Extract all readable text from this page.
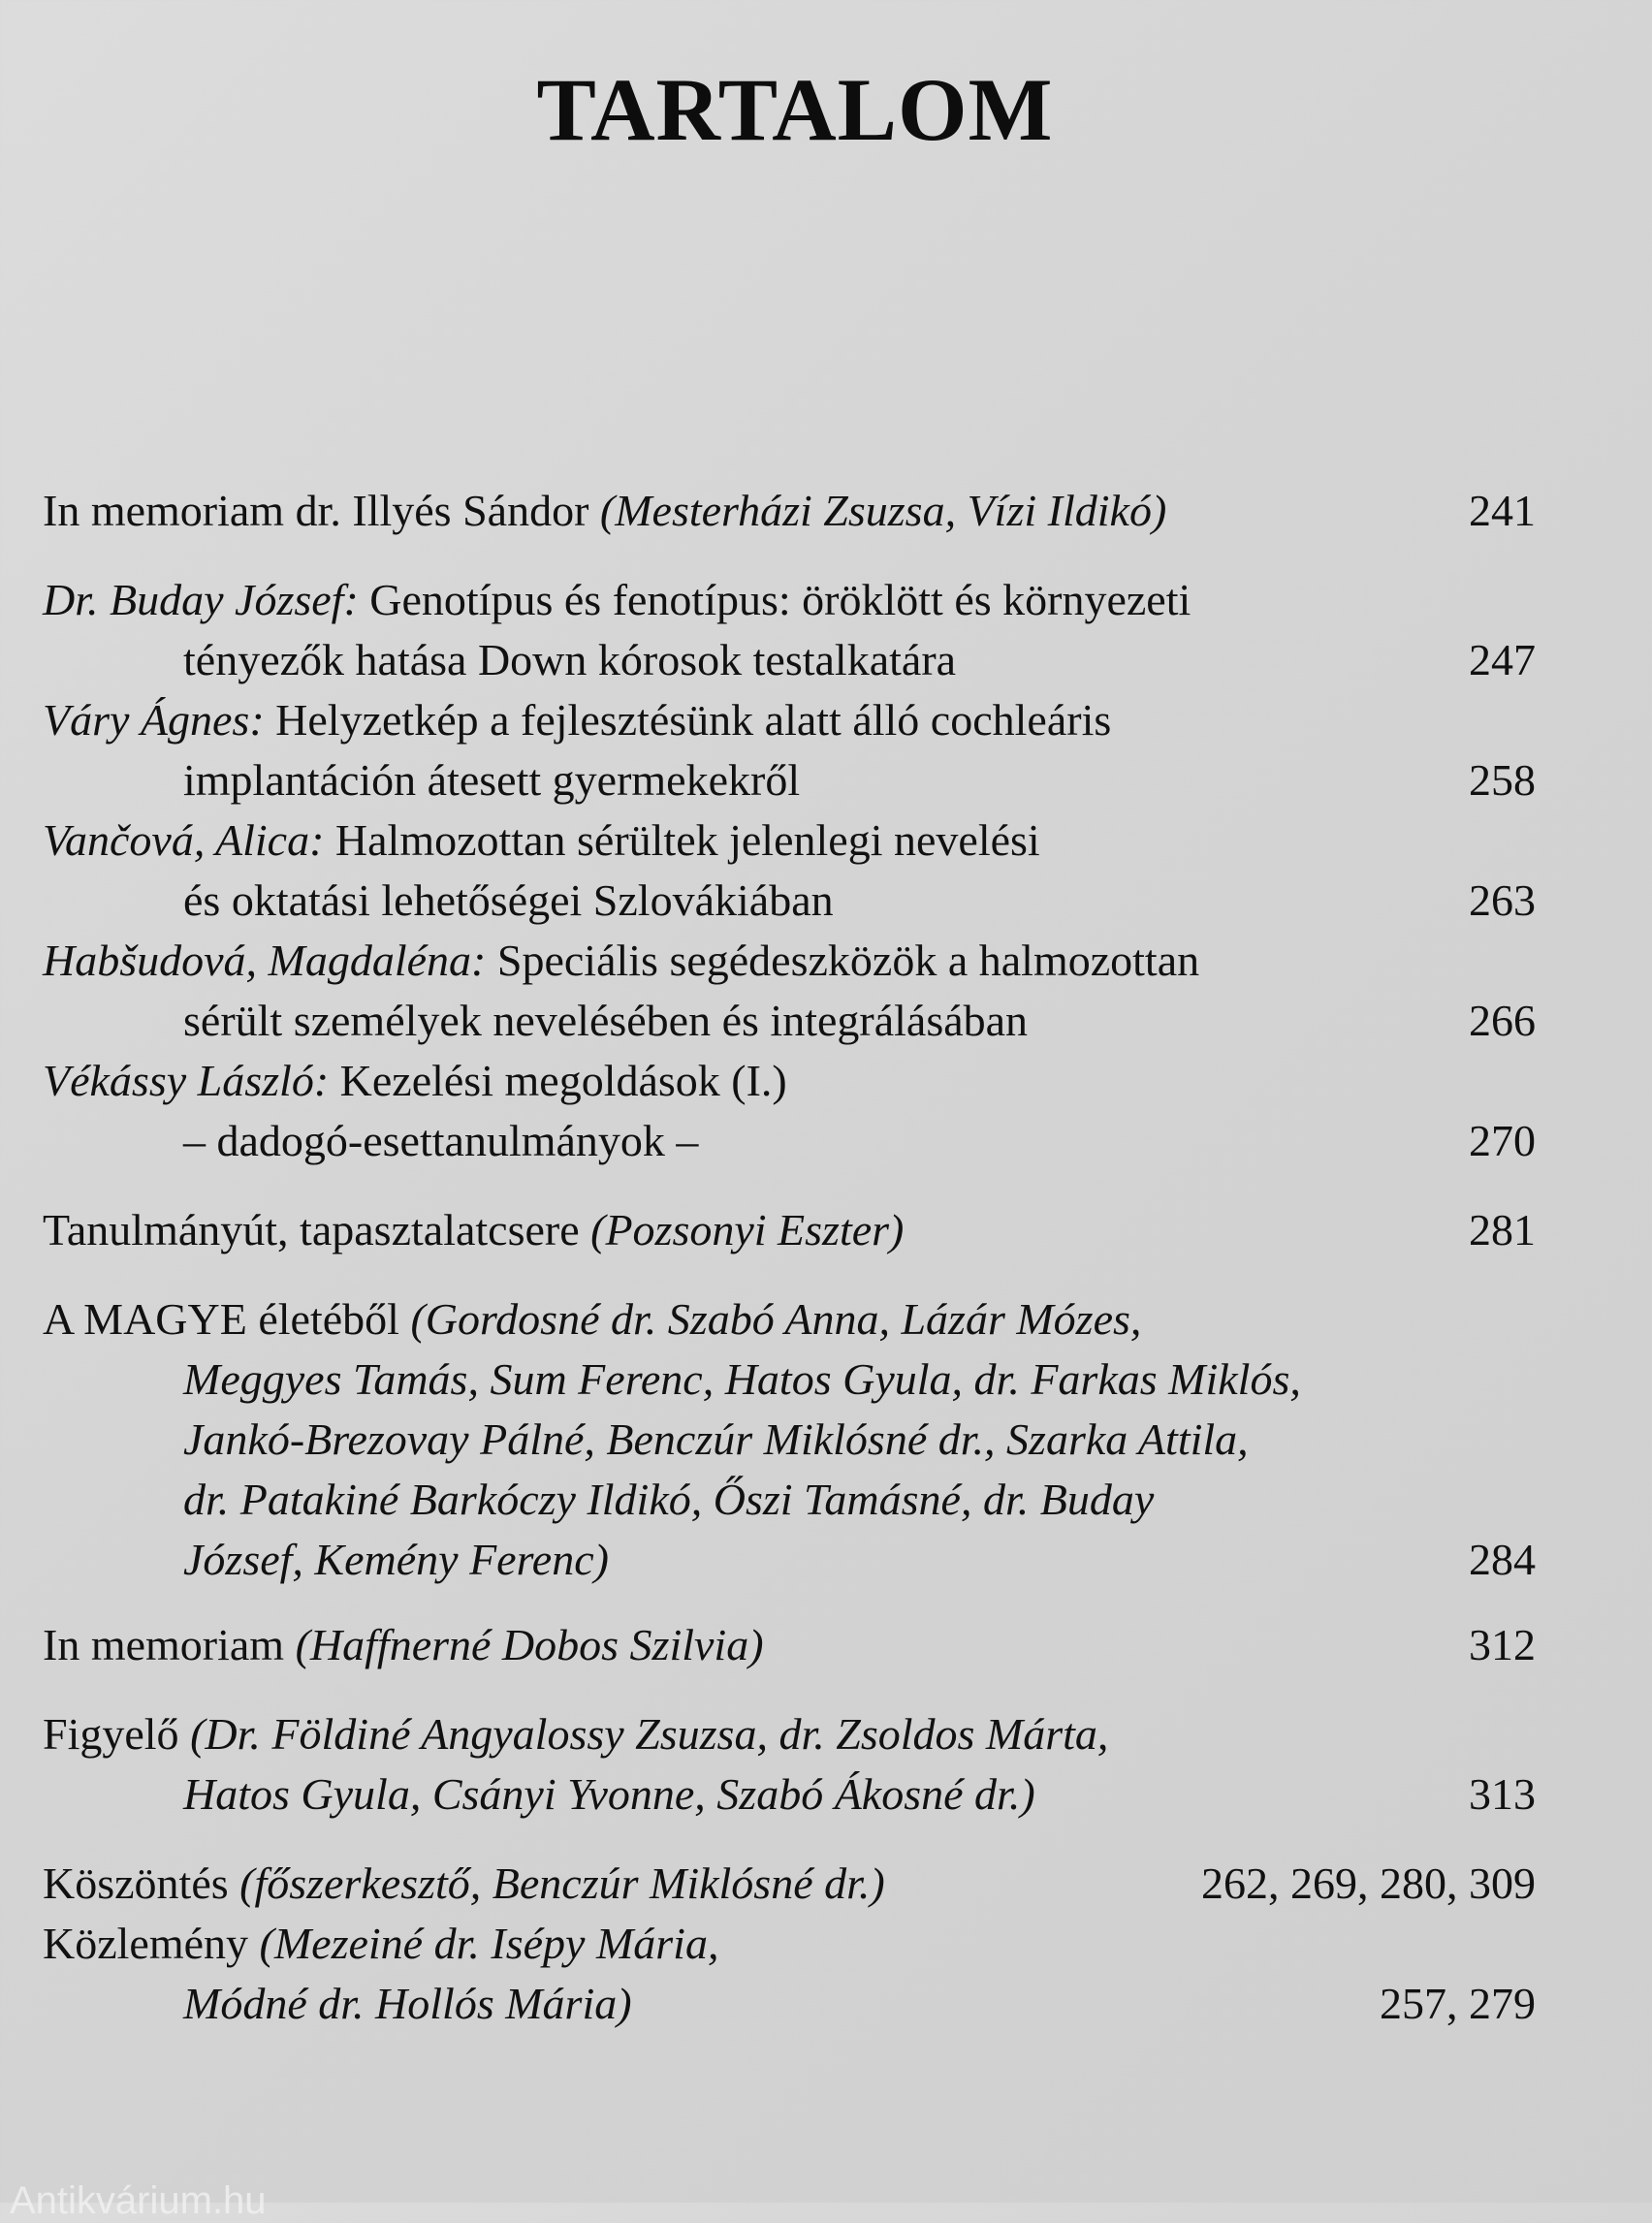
TARTALOM
In memoriam dr. Illyés Sándor (Mesterházi Zsuzsa, Vízi Ildikó)	241
Dr. Buday József: Genotípus és fenotípus: öröklött és környezeti
tényezők hatása Down kórosok testalkatára	247
Váry Ágnes: Helyzetkép a fejlesztésünk alatt álló cochleáris
implantáción átesett gyermekekről	258
Vančová, Alica: Halmozottan sérültek jelenlegi nevelési
és oktatási lehetőségei Szlovákiában	263
Habšudová, Magdaléna: Speciális segédeszközök a halmozottan
sérült személyek nevelésében és integrálásában	266
Vékássy László: Kezelési megoldások (I.)
– dadogó-esettanulmányok –	270
Tanulmányút, tapasztalatcsere (Pozsonyi Eszter)	281
A MAGYE életéből (Gordosné dr. Szabó Anna, Lázár Mózes,
Meggyes Tamás, Sum Ferenc, Hatos Gyula, dr. Farkas Miklós,
Jankó-Brezovay Pálné, Benczúr Miklósné dr., Szarka Attila,
dr. Patakiné Barkóczy Ildikó, Őszi Tamásné, dr. Buday
József, Kemény Ferenc)	284
In memoriam (Haffnerné Dobos Szilvia)	312
Figyelő (Dr. Földiné Angyalossy Zsuzsa, dr. Zsoldos Márta,
Hatos Gyula, Csányi Yvonne, Szabó Ákosné dr.)	313
Köszöntés (főszerkesztő, Benczúr Miklósné dr.)	262, 269, 280, 309
Közlemény (Mezeiné dr. Isépy Mária,
Módné dr. Hollós Mária)	257, 279
Antikvárium.hu
